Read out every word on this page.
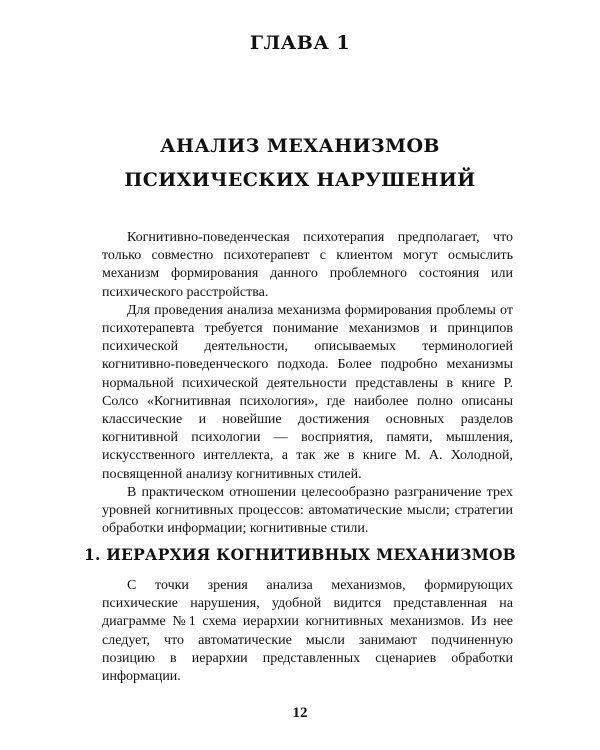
ГЛАВА 1
АНАЛИЗ МЕХАНИЗМОВ
ПСИХИЧЕСКИХ НАРУШЕНИЙ

Когнитивно-поведенческая психотерапия предполагает, что только совместно психотерапевт с клиентом могут осмыслить механизм формирования данного проблемного состояния или психического расстройства.

Для проведения анализа механизма формирования проблемы от психотерапевта требуется понимание механизмов и принципов психической деятельности, описываемых терминологией когнитивно-поведенческого подхода. Более подробно механизмы нормальной психической деятельности представлены в книге Р. Солсо «Когнитивная психология», где наиболее полно описаны классические и новейшие достижения основных разделов когнитивной психологии — восприятия, памяти, мышления, искусственного интеллекта, а так же в книге М. А. Холодной, посвященной анализу когнитивных стилей.

В практическом отношении целесообразно разграничение трех уровней когнитивных процессов: автоматические мысли; стратегии обработки информации; когнитивные стили.

1. ИЕРАРХИЯ КОГНИТИВНЫХ МЕХАНИЗМОВ

С точки зрения анализа механизмов, формирующих психические нарушения, удобной видится представленная на диаграмме №1 схема иерархии когнитивных механизмов. Из нее следует, что автоматические мысли занимают подчиненную позицию в иерархии представленных сценариев обработки информации.

12
